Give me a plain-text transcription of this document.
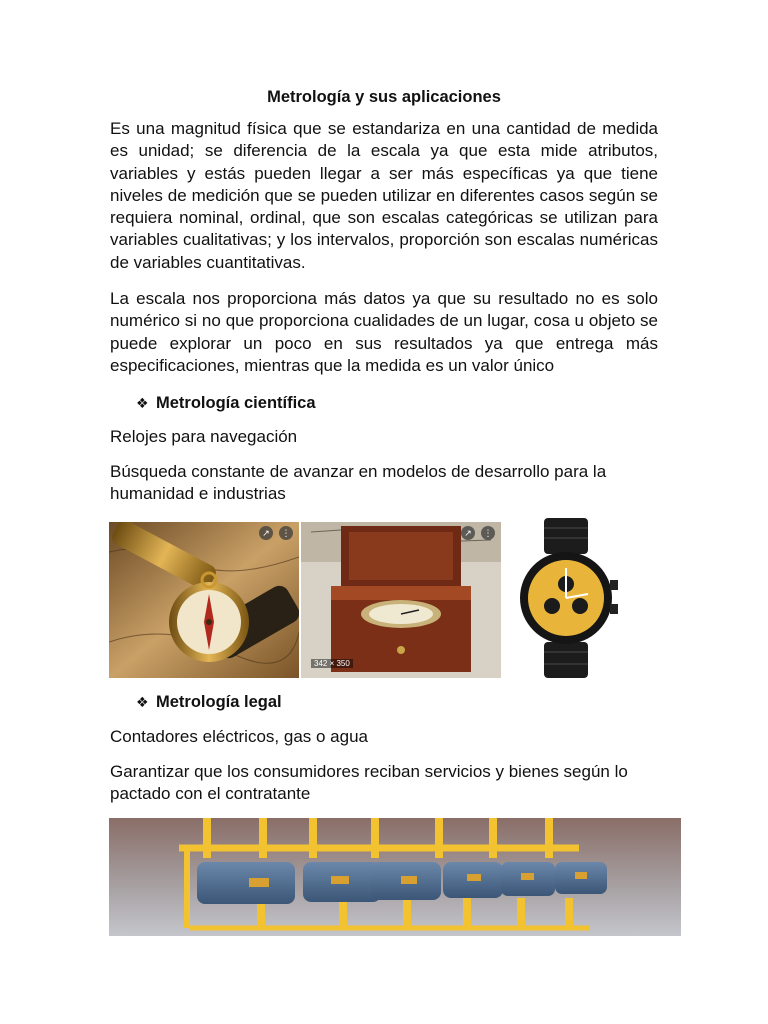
Metrología y sus aplicaciones

Es una magnitud física que se estandariza en una cantidad de medida es unidad; se diferencia de la escala ya que esta mide atributos, variables y estás pueden llegar a ser más específicas ya que tiene niveles de medición que se pueden utilizar en diferentes casos según se requiera nominal, ordinal, que son escalas categóricas se utilizan para variables cualitativas; y los intervalos, proporción son escalas numéricas de variables cuantitativas.

La escala nos proporciona más datos ya que su resultado no es solo numérico si no que proporciona cualidades de un lugar, cosa u objeto se puede explorar un poco en sus resultados ya que entrega más especificaciones, mientras que la medida es un valor único

❖ Metrología científica

Relojes para navegación

Búsqueda constante de avanzar en modelos de desarrollo para la humanidad e industrias

↗	⋮	↗	⋮
342 × 350
❖ Metrología legal

Contadores eléctricos, gas o agua

Garantizar que los consumidores reciban servicios y bienes según lo pactado con el contratante
